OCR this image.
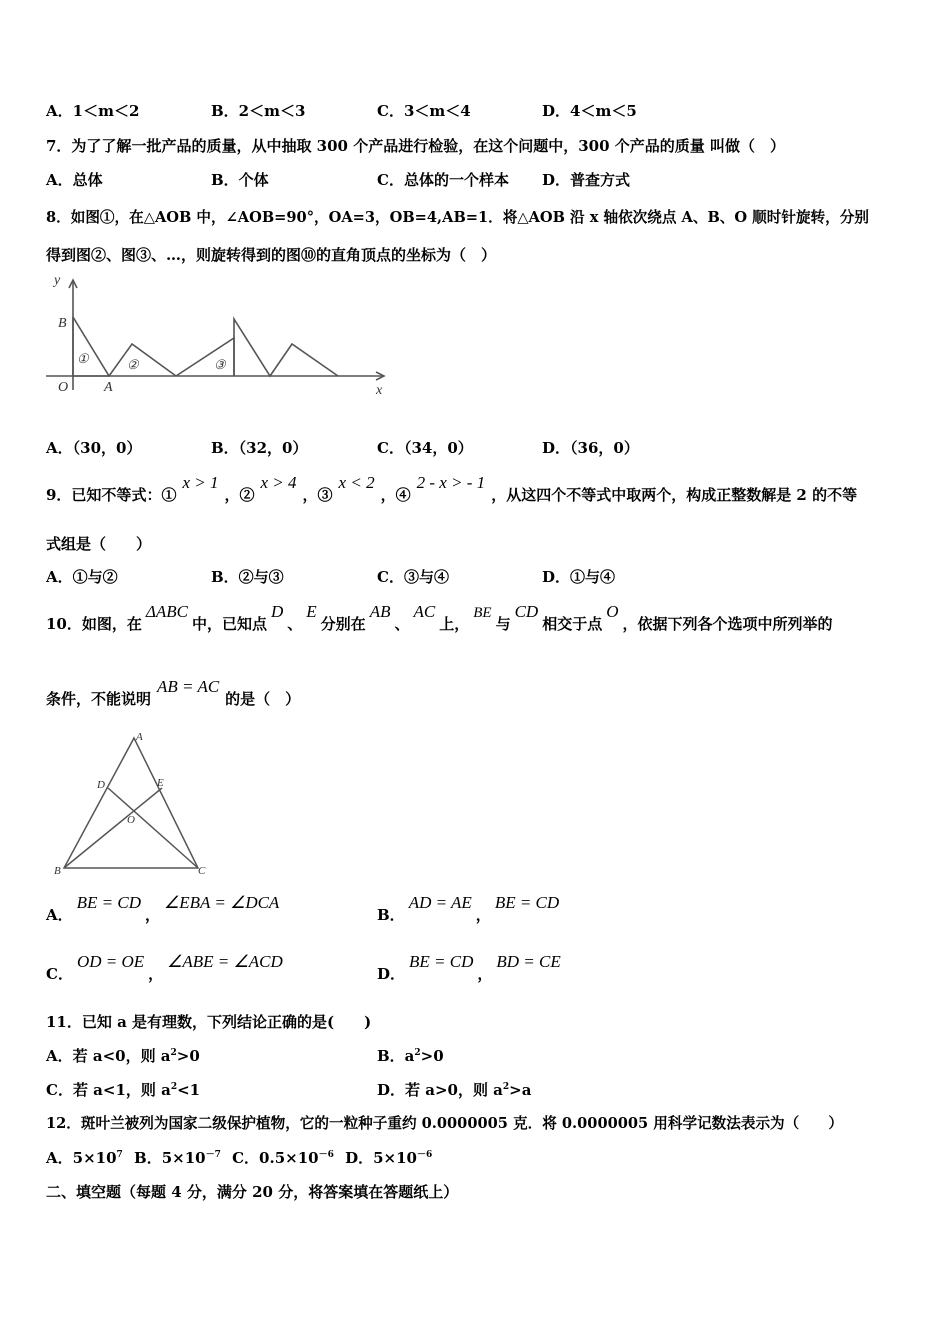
A．1＜m＜2	B．2＜m＜3	C．3＜m＜4	D．4＜m＜5
7．为了了解一批产品的质量，从中抽取 300 个产品进行检验，在这个问题中，300 个产品的质量 叫做（　）
A．总体	B．个体	C．总体的一个样本 D．普查方式
8．如图①，在△AOB 中，∠AOB=90°，OA=3，OB=4,AB=1．将△AOB 沿 x 轴依次绕点 A、B、O 顺时针旋转，分别
得到图②、图③、…，则旋转得到的图⑩的直角顶点的坐标为（　）
y
x
B
O	A
①	②	③
A．（30，0）	B．（32，0）	C．（34，0）	D．（36，0）
9．已知不等式：①x > 1，②x > 4，③x < 2，④2 - x > - 1，从这四个不等式中取两个，构成正整数解是 2 的不等
式组是（　　）
A．①与②	B．②与③	C．③与④	D．①与④
10．如图，在ΔABC中，已知点D、E分别在AB、AC上，BE与CD相交于点O，依据下列各个选项中所列举的
条件，不能说明AB = AC的是（　）
A
B	C
D	E
O
A．BE = CD，∠EBA = ∠DCA
B．AD = AE，BE = CD
C．OD = OE，∠ABE = ∠ACD
D．BE = CD，BD = CE
11．已知 a 是有理数，下列结论正确的是(　　)
A．若 a<0，则 $a^2>0$	B．$a^2>0$
C．若 a<1，则 $a^2<1$	D．若 a>0，则 $a^2>a$
12．斑叶兰被列为国家二级保护植物，它的一粒种子重约 0.0000005 克．将 0.0000005 用科学记数法表示为（　　）
A．$5\times 10^7$ B．$5\times 10^{-7}$ C．$0.5\times 10^{-6}$ D．$5\times 10^{-6}$
二、填空题（每题 4 分，满分 20 分，将答案填在答题纸上）
